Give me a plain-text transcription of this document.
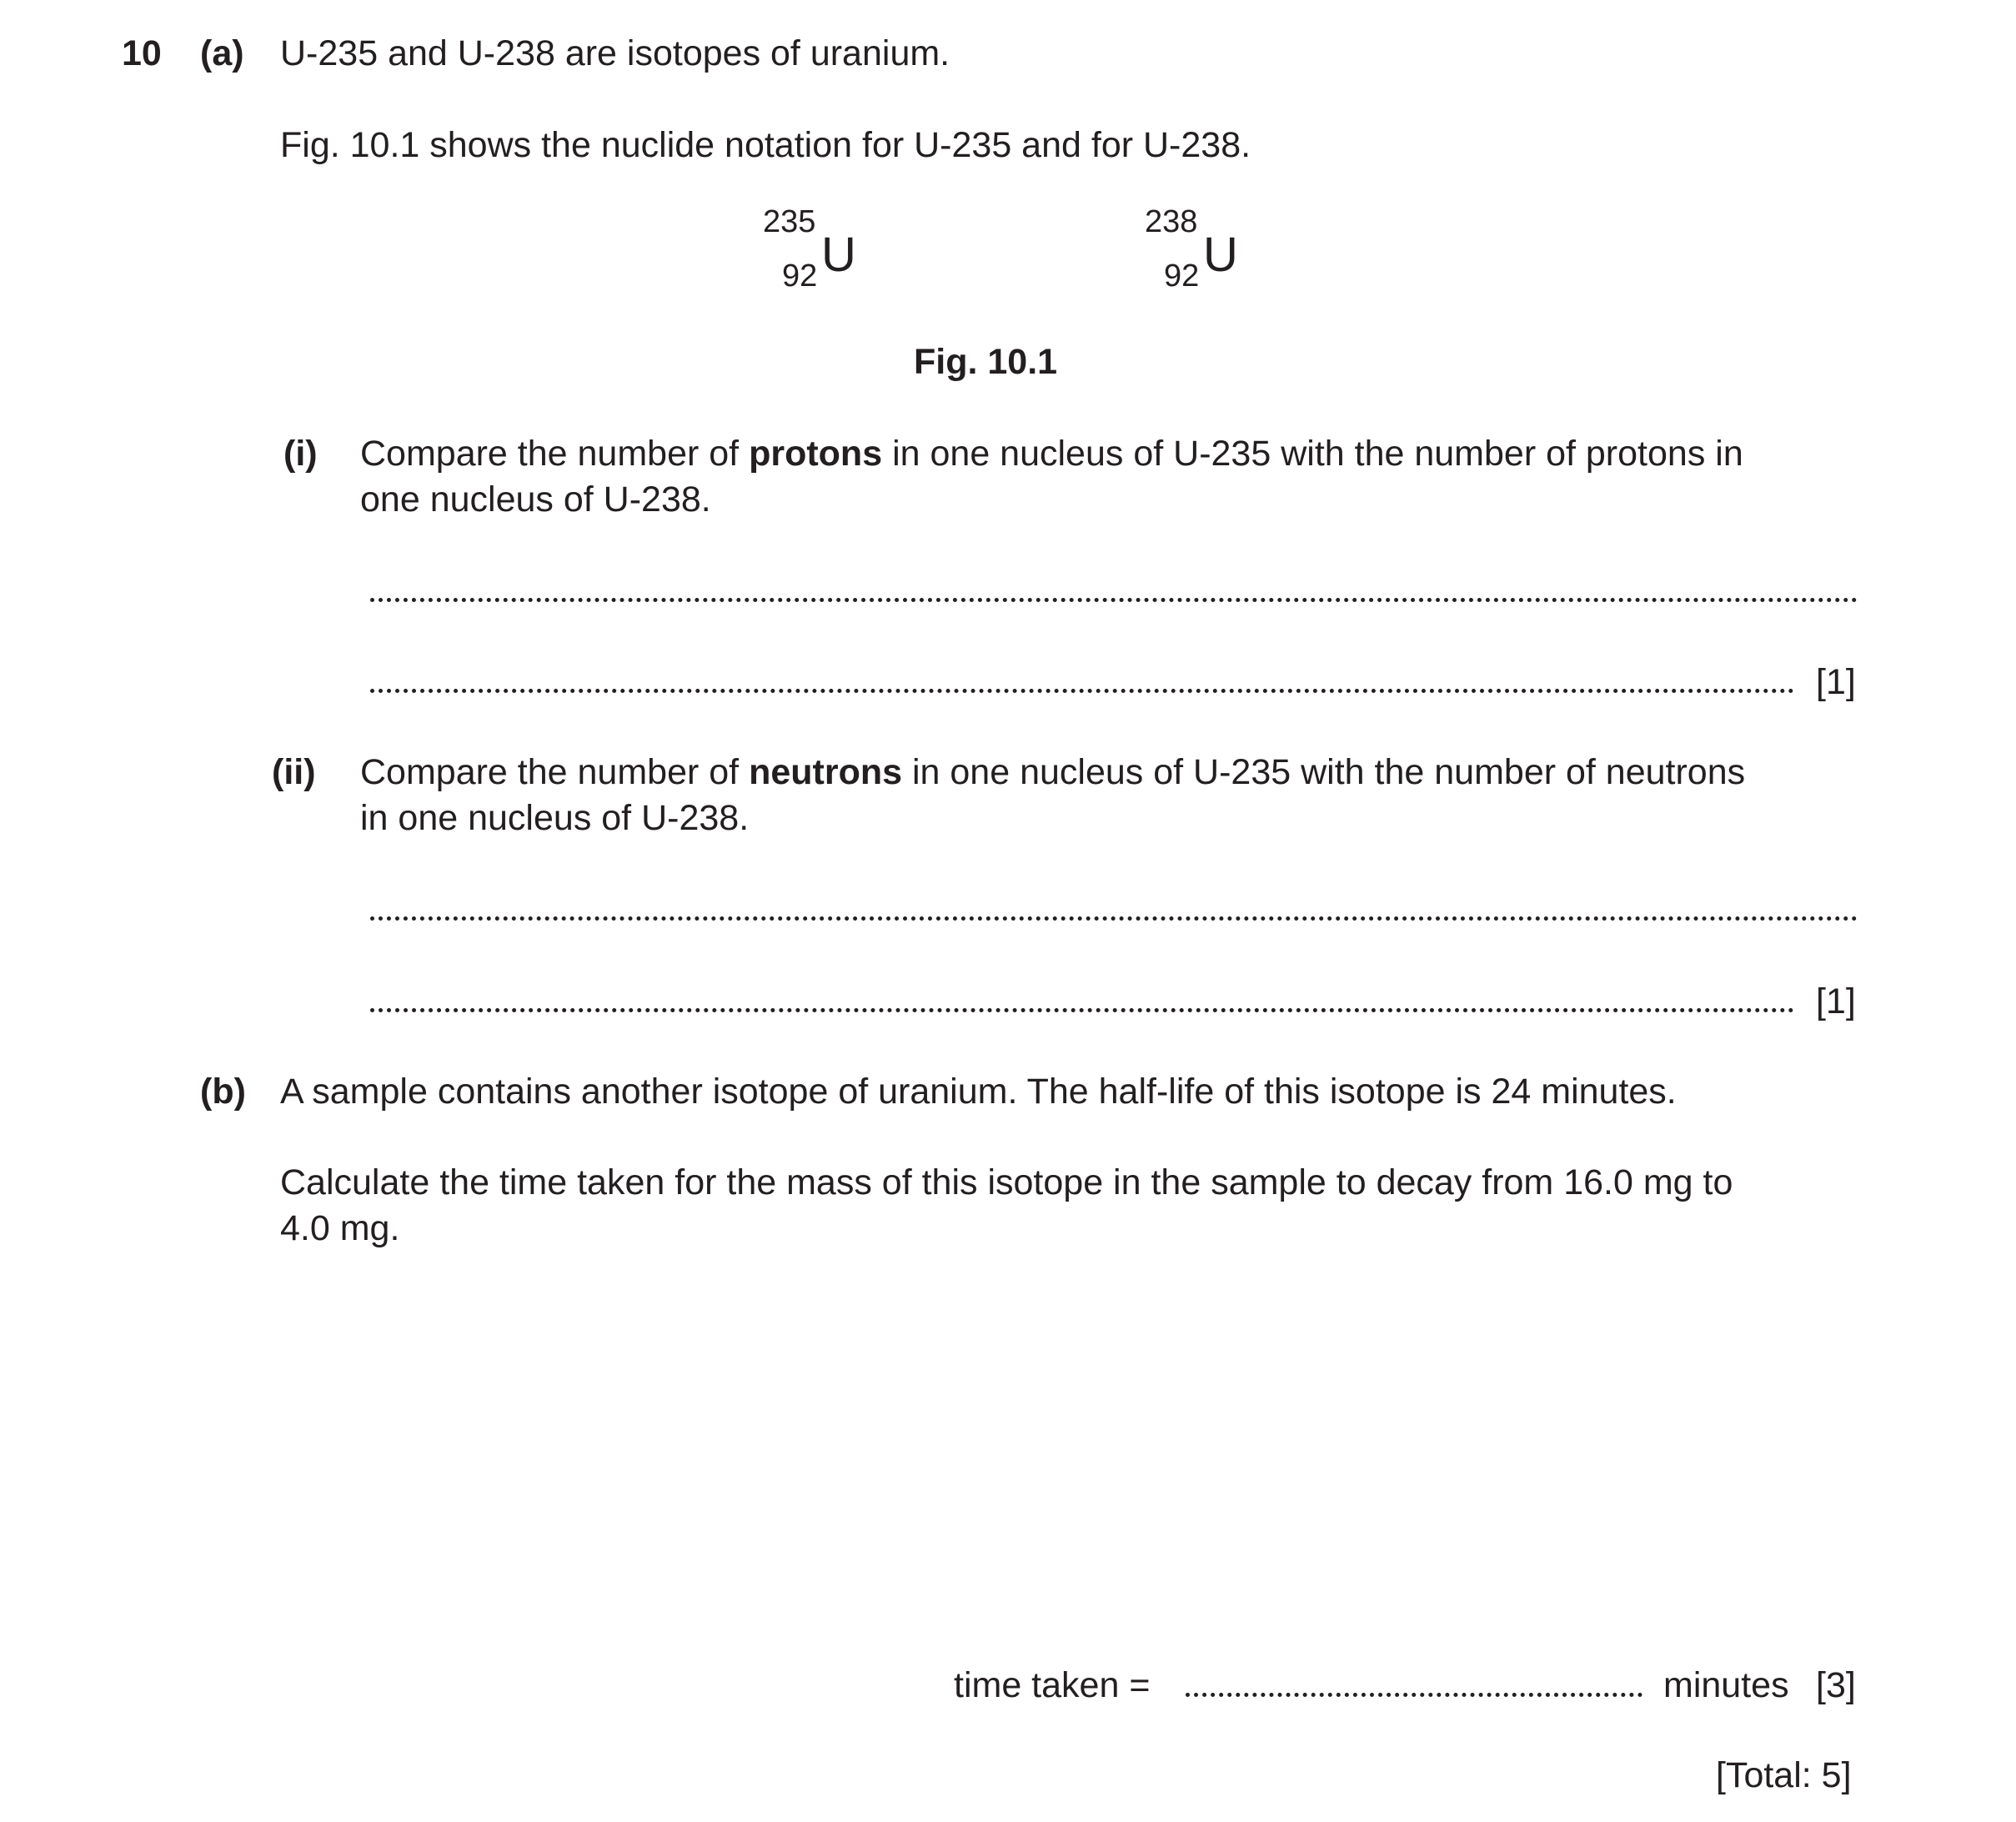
10 (a) U-235 and U-238 are isotopes of uranium.
Fig. 10.1 shows the nuclide notation for U-235 and for U-238.
235
92 U
238
92 U
Fig. 10.1
(i) Compare the number of protons in one nucleus of U-235 with the number of protons in
one nucleus of U-238.
[1]
(ii) Compare the number of neutrons in one nucleus of U-235 with the number of neutrons
in one nucleus of U-238.
[1]
(b) A sample contains another isotope of uranium. The half-life of this isotope is 24 minutes.
Calculate the time taken for the mass of this isotope in the sample to decay from 16.0 mg to
4.0 mg.
time taken =	minutes [3]
[Total: 5]
